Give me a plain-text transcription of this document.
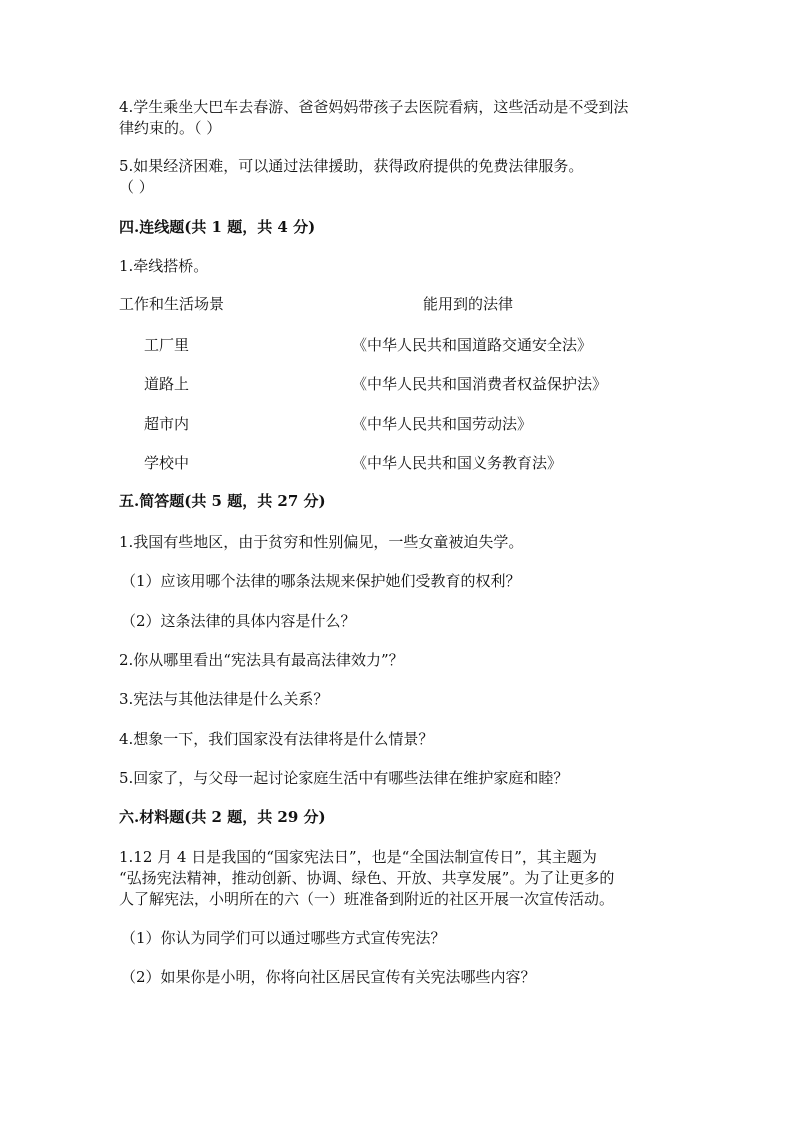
4.学生乘坐大巴车去春游、爸爸妈妈带孩子去医院看病，这些活动是不受到法
律约束的。（ ）
5.如果经济困难，可以通过法律援助，获得政府提供的免费法律服务。
（ ）
四.连线题(共 1 题，共 4 分)
1.牵线搭桥。
工作和生活场景	能用到的法律
工厂里	《中华人民共和国道路交通安全法》
道路上	《中华人民共和国消费者权益保护法》
超市内	《中华人民共和国劳动法》
学校中	《中华人民共和国义务教育法》
五.简答题(共 5 题，共 27 分)
1.我国有些地区，由于贫穷和性别偏见，一些女童被迫失学。
（1）应该用哪个法律的哪条法规来保护她们受教育的权利？
（2）这条法律的具体内容是什么？
2.你从哪里看出“宪法具有最高法律效力”？
3.宪法与其他法律是什么关系？
4.想象一下，我们国家没有法律将是什么情景？
5.回家了，与父母一起讨论家庭生活中有哪些法律在维护家庭和睦？
六.材料题(共 2 题，共 29 分)
1.12 月 4 日是我国的“国家宪法日”，也是“全国法制宣传日”，其主题为
“弘扬宪法精神，推动创新、协调、绿色、开放、共享发展”。为了让更多的
人了解宪法，小明所在的六（一）班准备到附近的社区开展一次宣传活动。
（1）你认为同学们可以通过哪些方式宣传宪法？
（2）如果你是小明，你将向社区居民宣传有关宪法哪些内容？
